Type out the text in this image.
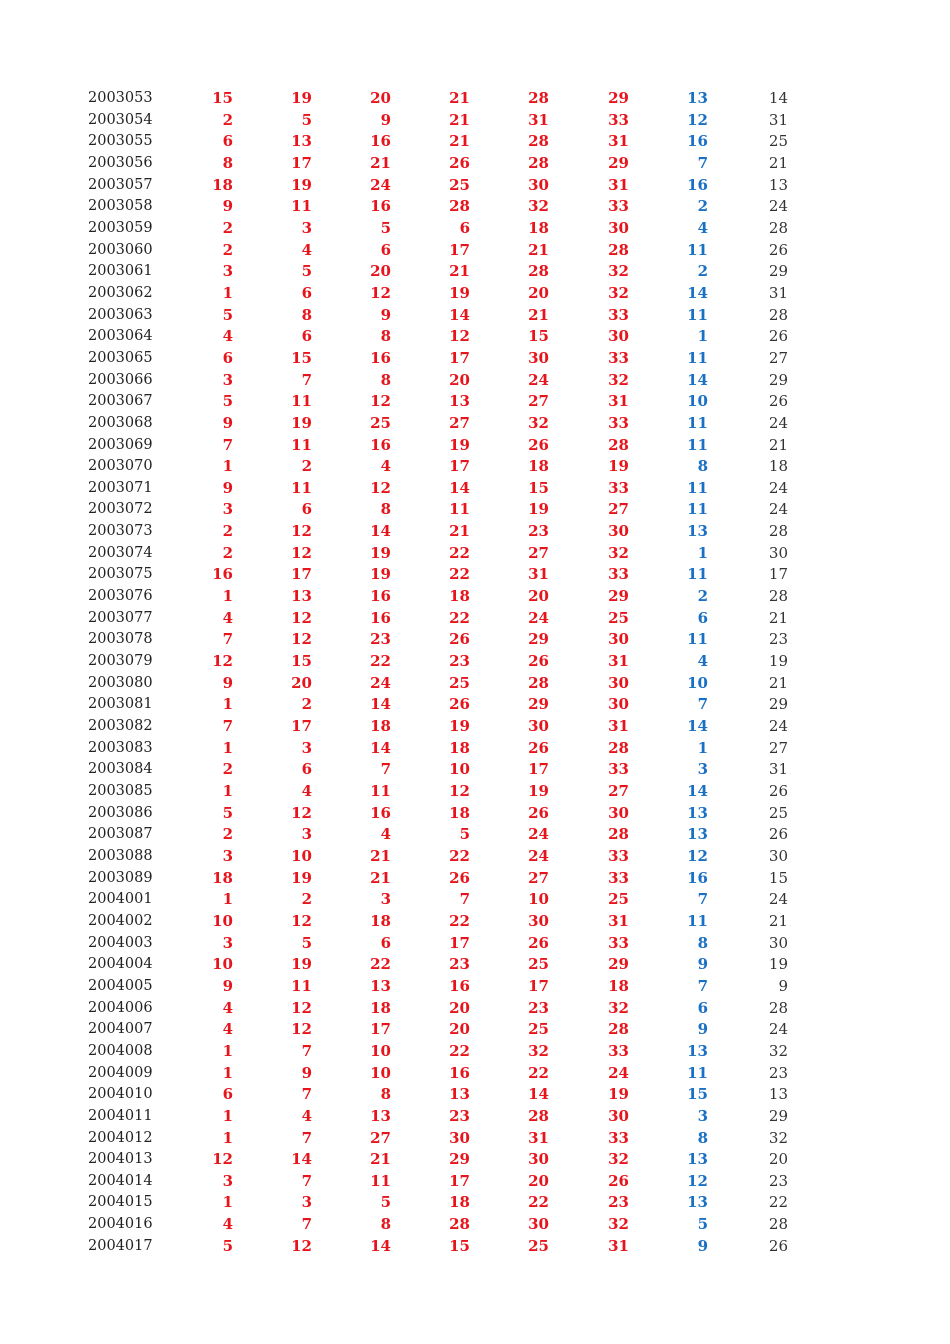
2003053	15	19	20	21	28	29	13	14
2003054	2	5	9	21	31	33	12	31
2003055	6	13	16	21	28	31	16	25
2003056	8	17	21	26	28	29	7	21
2003057	18	19	24	25	30	31	16	13
2003058	9	11	16	28	32	33	2	24
2003059	2	3	5	6	18	30	4	28
2003060	2	4	6	17	21	28	11	26
2003061	3	5	20	21	28	32	2	29
2003062	1	6	12	19	20	32	14	31
2003063	5	8	9	14	21	33	11	28
2003064	4	6	8	12	15	30	1	26
2003065	6	15	16	17	30	33	11	27
2003066	3	7	8	20	24	32	14	29
2003067	5	11	12	13	27	31	10	26
2003068	9	19	25	27	32	33	11	24
2003069	7	11	16	19	26	28	11	21
2003070	1	2	4	17	18	19	8	18
2003071	9	11	12	14	15	33	11	24
2003072	3	6	8	11	19	27	11	24
2003073	2	12	14	21	23	30	13	28
2003074	2	12	19	22	27	32	1	30
2003075	16	17	19	22	31	33	11	17
2003076	1	13	16	18	20	29	2	28
2003077	4	12	16	22	24	25	6	21
2003078	7	12	23	26	29	30	11	23
2003079	12	15	22	23	26	31	4	19
2003080	9	20	24	25	28	30	10	21
2003081	1	2	14	26	29	30	7	29
2003082	7	17	18	19	30	31	14	24
2003083	1	3	14	18	26	28	1	27
2003084	2	6	7	10	17	33	3	31
2003085	1	4	11	12	19	27	14	26
2003086	5	12	16	18	26	30	13	25
2003087	2	3	4	5	24	28	13	26
2003088	3	10	21	22	24	33	12	30
2003089	18	19	21	26	27	33	16	15
2004001	1	2	3	7	10	25	7	24
2004002	10	12	18	22	30	31	11	21
2004003	3	5	6	17	26	33	8	30
2004004	10	19	22	23	25	29	9	19
2004005	9	11	13	16	17	18	7	9
2004006	4	12	18	20	23	32	6	28
2004007	4	12	17	20	25	28	9	24
2004008	1	7	10	22	32	33	13	32
2004009	1	9	10	16	22	24	11	23
2004010	6	7	8	13	14	19	15	13
2004011	1	4	13	23	28	30	3	29
2004012	1	7	27	30	31	33	8	32
2004013	12	14	21	29	30	32	13	20
2004014	3	7	11	17	20	26	12	23
2004015	1	3	5	18	22	23	13	22
2004016	4	7	8	28	30	32	5	28
2004017	5	12	14	15	25	31	9	26
